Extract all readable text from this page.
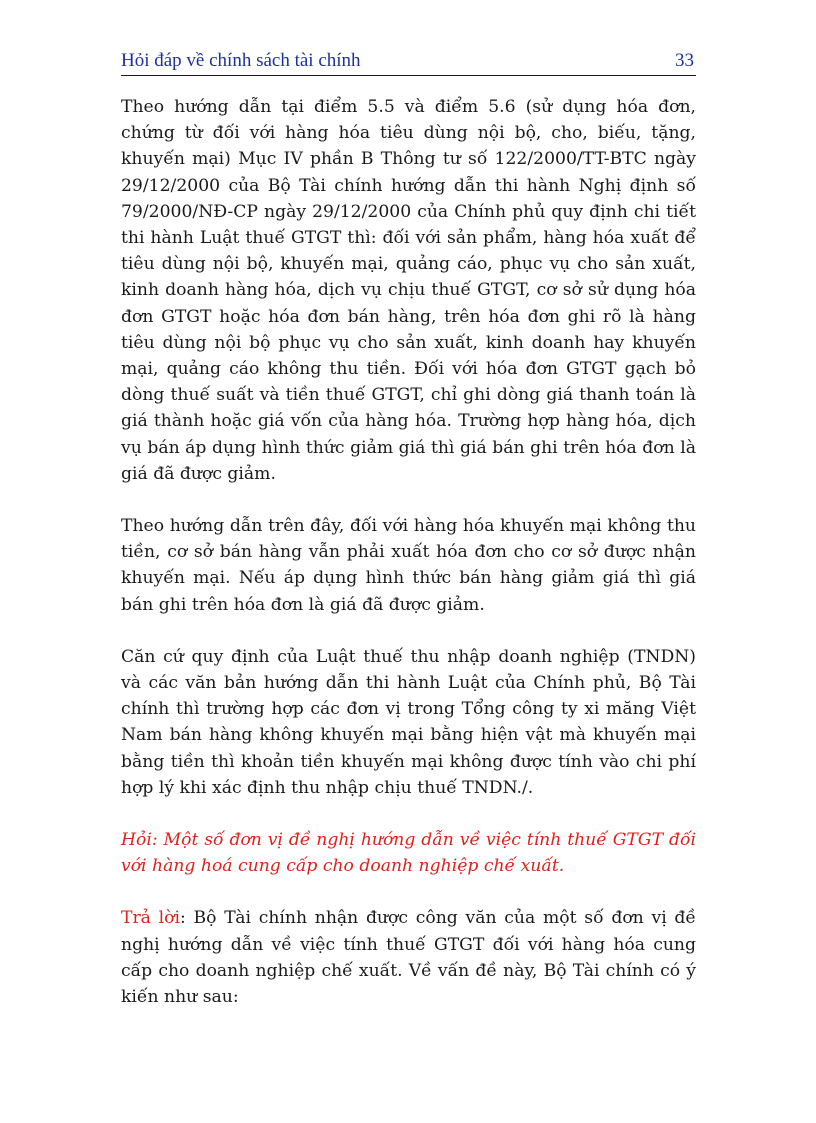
Hỏi đáp về chính sách tài chính	33

Theo hướng dẫn tại điểm 5.5 và điểm 5.6 (sử dụng hóa đơn, chứng từ đối với hàng hóa tiêu dùng nội bộ, cho, biếu, tặng, khuyến mại) Mục IV phần B Thông tư số 122/2000/TT-BTC ngày 29/12/2000 của Bộ Tài chính hướng dẫn thi hành Nghị định số 79/2000/NĐ-CP ngày 29/12/2000 của Chính phủ quy định chi tiết thi hành Luật thuế GTGT thì: đối với sản phẩm, hàng hóa xuất để tiêu dùng nội bộ, khuyến mại, quảng cáo, phục vụ cho sản xuất, kinh doanh hàng hóa, dịch vụ chịu thuế GTGT, cơ sở sử dụng hóa đơn GTGT hoặc hóa đơn bán hàng, trên hóa đơn ghi rõ là hàng tiêu dùng nội bộ phục vụ cho sản xuất, kinh doanh hay khuyến mại, quảng cáo không thu tiền. Đối với hóa đơn GTGT gạch bỏ dòng thuế suất và tiền thuế GTGT, chỉ ghi dòng giá thanh toán là giá thành hoặc giá vốn của hàng hóa. Trường hợp hàng hóa, dịch vụ bán áp dụng hình thức giảm giá thì giá bán ghi trên hóa đơn là giá đã được giảm.

Theo hướng dẫn trên đây, đối với hàng hóa khuyến mại không thu tiền, cơ sở bán hàng vẫn phải xuất hóa đơn cho cơ sở được nhận khuyến mại. Nếu áp dụng hình thức bán hàng giảm giá thì giá bán ghi trên hóa đơn là giá đã được giảm.

Căn cứ quy định của Luật thuế thu nhập doanh nghiệp (TNDN) và các văn bản hướng dẫn thi hành Luật của Chính phủ, Bộ Tài chính thì trường hợp các đơn vị trong Tổng công ty xi măng Việt Nam bán hàng không khuyến mại bằng hiện vật mà khuyến mại bằng tiền thì khoản tiền khuyến mại không được tính vào chi phí hợp lý khi xác định thu nhập chịu thuế TNDN./.

Hỏi: Một số đơn vị đề nghị hướng dẫn về việc tính thuế GTGT đối với hàng hoá cung cấp cho doanh nghiệp chế xuất.

Trả lời: Bộ Tài chính nhận được công văn của một số đơn vị đề nghị hướng dẫn về việc tính thuế GTGT đối với hàng hóa cung cấp cho doanh nghiệp chế xuất. Về vấn đề này, Bộ Tài chính có ý kiến như sau:
